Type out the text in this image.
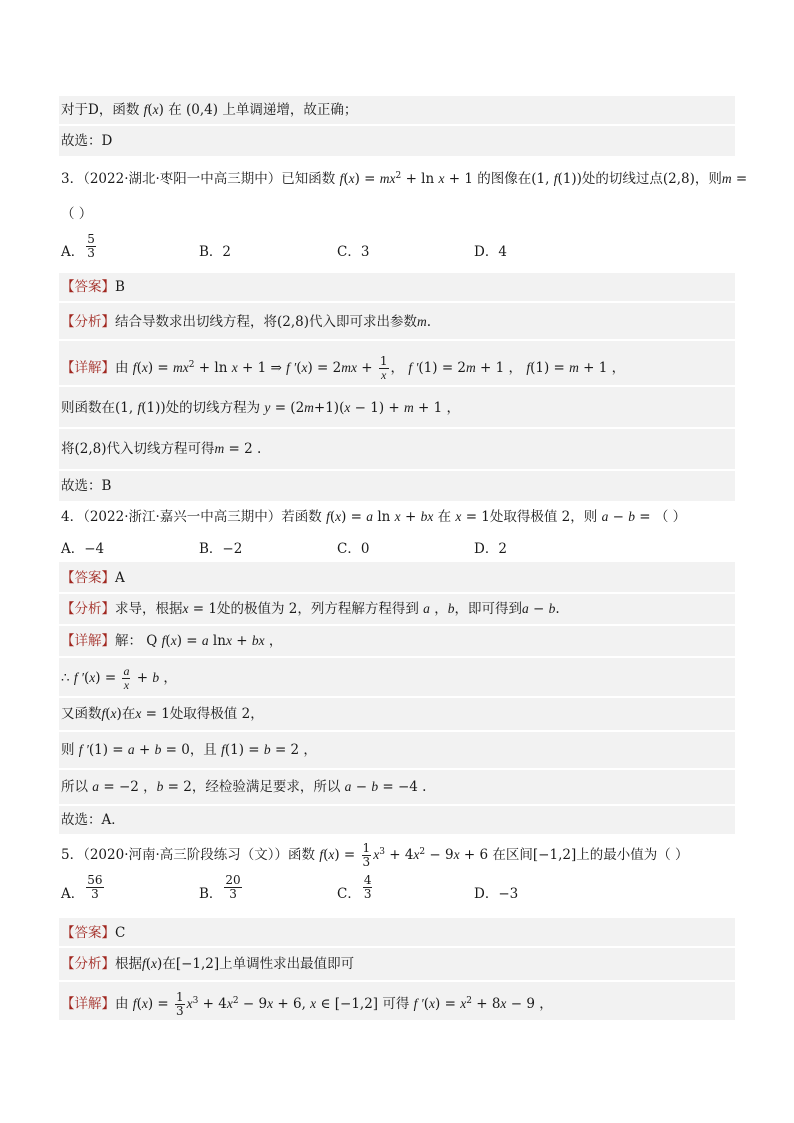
对于D，函数 f(x) 在 (0,4) 上单调递增，故正确；
故选：D
3．（2022·湖北·枣阳一中高三期中）已知函数 $f(x) = mx^2 + \ln x + 1$ 的图像在(1, f(1))处的切线过点(2,8)，则m =
（ ）
A． $\frac{5}{3}$	B．2	C．3	D．4
【答案】B
【分析】结合导数求出切线方程，将(2,8)代入即可求出参数m.
【详解】由 $f(x) = mx^2 + \ln x + 1$ ⇒ f $'(x) = 2mx + \frac{1}{x}$ ， f ′(1) = 2m + 1 ， f(1) = m + 1 ，
则函数在(1, f(1))处的切线方程为 y = (2m+1)(x − 1) + m + 1 ，
将(2,8)代入切线方程可得m = 2 .
故选：B
4．（2022·浙江·嘉兴一中高三期中）若函数 f(x) = a ln x + bx 在 x = 1处取得极值 2，则 a − b = （ ）
A．−4	B．−2	C．0	D．2
【答案】A
【分析】求导，根据x = 1处的极值为 2，列方程解方程得到 a ，b，即可得到a − b.
【详解】解： Q f(x) = a lnx + bx ，
∴ f $'(x) = \frac{a}{x} + b$ ，
又函数f(x)在x = 1处取得极值 2，
则 f ′(1) = a + b = 0，且 f(1) = b = 2 ，
所以 a = −2 ，b = 2，经检验满足要求，所以 a − b = −4 .
故选：A．
5．（2020·河南·高三阶段练习（文））函数 $f(x) = \frac{1}{3} x^3 + 4x^2 - 9x + 6$ 在区间[−1,2]上的最小值为（ ）
A． $\frac{56}{3}$	B． $\frac{20}{3}$	C． $\frac{4}{3}$	D．−3
【答案】C
【分析】根据f(x)在[−1,2]上单调性求出最值即可
【详解】由 $f(x) = \frac{1}{3} x^3 + 4x^2 - 9x + 6$, x ∈ [−1,2] 可得 f $'(x) = x^2 + 8x - 9$ ，
